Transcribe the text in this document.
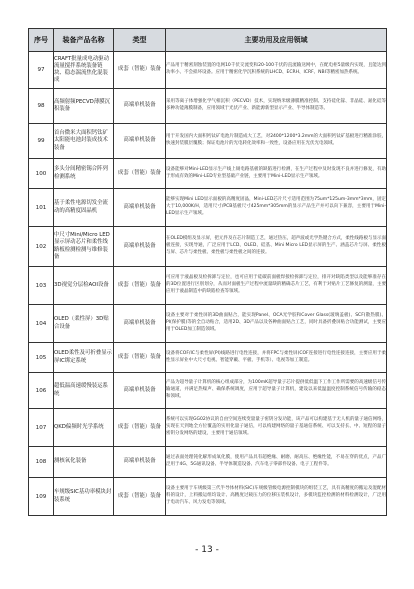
序号	装备产品名称	类型	主要功用及应用领域
97	CRAFT批量成电动驱动流量搅拌系统装备链块、稳态湍流焦化混装成	成套（智能）装备	产品用于精密刻蚀装置的电网10千伏交流变和20-100千伏的直流输送网中，在配电柜5量级内实现，且能达到功率小、不会损坏设备。应用于精密化学沉积系统的LHCD、ECRH、ICRF、NBI等精密加热系统。
98	高频射频PECVD薄膜沉积装备	高端单机装备	采用等离子体增强化学气相沉积（PECVD）技术，实现纳米级薄膜精准控制、支持硅化镓、非晶硅、氮化硅等多种功能薄膜制备，应用领域于光伏产业、新能源新型显示产业、半导体制造等。
99	首台微米大面积钙钛矿太阳能电池封装成技术装备	高端单机装备	用于开发国内大面积钙钛矿电池片制造成大工艺，对2400*1200*3.2mm的大面积钙钛矿基板进行精准涂胶，快速封装膜层覆膜；保证电池片的光电转化效率和一致性，设备应用在光伏光电领域。
100	多头分间精密锡合阵列检测系统	成套（智能）装备	设备能够对Mini-LED显示生产线上锡电路基板的缺陷进行检测，在生产过程中及时发现不良并进行修复，有助于形成有效的Mini-LED专业型基础产业链，主要用于Mini-LED显示生产领域。
101	基于柔性电源切发全流动的高精度固晶机	高端单机装备	能够实现Mini LED显示面板的高精度固晶，Mini-LED芯片尺寸适用范围为75um*125um-3mm*3mm，固定大于10,000K/H，适用尺寸/PCB基板尺寸425mm*305mm的显示产品生产并可以向下兼容，主要用于Mini-LED显示生产领域。
102	中尺寸Mini/Micro LED显示屏动芯片和柔性线路板检测检测与维修装备	高端单机装备	在OLED模组及显示屏，把元件及在芯片制造工艺，通过热压，超声波或光学热键合方式，柔性线路板与显示面板连接，实现导通，广泛应用于LCD、OLED、硅基、Mini Micro LED显示屏的生产、涵盖芯片与屏、柔性板与屏、芯片与柔性板、柔性板与柔性板之间的连接。
103	3D视觉分层检AOI设备	成套（智能）装备	可应用于液晶板及检拆卸与定位，也可应用于硅碳前面板焊接检拆卸与定位，排开对缺陷类型以及能够准存在的3D位置进行区别划分，从而对面板生产过程中流量缺的精确芯片工艺，有利于对贴片工艺修复的测量，主要应用于液晶制造中的缺陷检查等领域。
104	OLED（柔性屏）3D贴合设备	高端单机装备	设备主要对于柔性屏的3D曲面贴合，能实现Panel、OCA光学胶和Cover Glass(玻璃盖板)、SCF(散热膜)、PI(保护膜)等的全自动贴合，适用2D、3D产品以及各种曲面贴合工艺，同时具备折叠屏贴合功能测试，主要应用于OLED加工制造领域。
105	OLED柔性及可折叠显示屏IC绑定系统	成套（智能）装备	设备将COF/IC与柔性屏(PI)线路进行电性连接，并将FPC与柔性屏(COF连接进行电性连接连接，主要应用于柔性显示屏业中大尺寸电视、智能穿戴、平板、手机等）、电视等加工制造。
106	超低温高速缓慢装运系统	高端单机装备	产品为超导量子计算机的核心组成部分，为100mK超导量子芯片提供低低温下工作工作所需要的高速级信号传输通道，并满足热噪声、确保系统调度，应用于超导量子计算机，建设以来低温温度控制系统信号传输的稳态和领域。
107	QKD偏频时光学系统	成套（智能）装备	系统可以实现GG02协议的自由空间连续变量量子密钥分发功能，该产品可以构建基于无人机的量子通信网络，实现在天到地全方位覆盖的实用化量子通信，可以构建网络的量子基通信系统、可以支持长、中、短程的量子密钥分发网络的建设，主要用于通信领域。
108	测核氧化装备	高端单机装备	通过表面处理钝化解形成氧化膜，使用产品具有超绝缘、耐磨、耐高压、绝缘性能，不易在穿的优点，产品广泛用于4G、5G通讯设备、半导体制造设备、汽车电子零部件设备、电子工程件等。
109	车规级SIC基功率模块封装系统	成套（智能）装备	设备主要用于车规级第三代半导体材料(SIC)车规级管级电源控制模块的组装工艺，具有高精度的搬运及混配材料的设计，上料搬运组均设计、高精度过载压力的位移压装机设计，多模块监控检测的材料检测设计，广泛用于电动汽车、风力发电等领域。
- 13 -
